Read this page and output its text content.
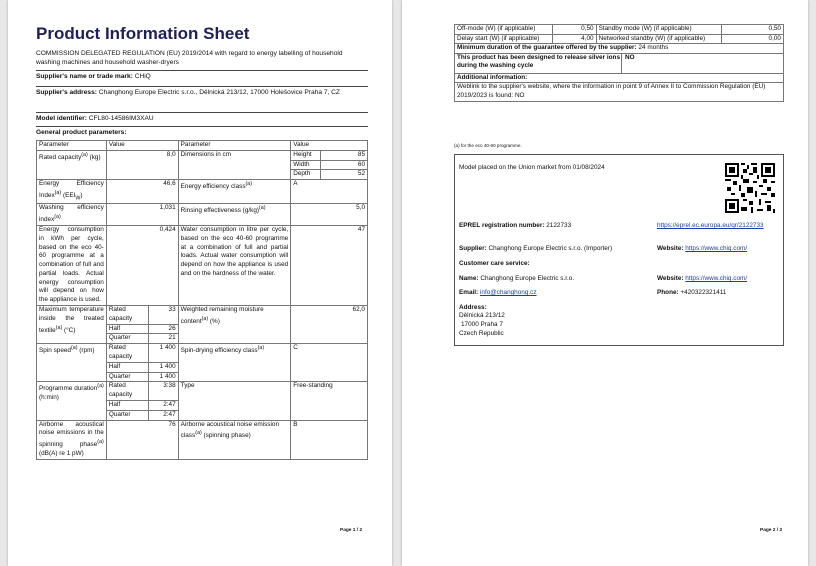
Product Information Sheet
COMMISSION DELEGATED REGULATION (EU) 2019/2014 with regard to energy labelling of household washing machines and household washer-dryers
Supplier's name or trade mark: CHiQ
Supplier's address: Changhong Europe Electric s.r.o., Dělnická 213/12, 17000 Holešovice Praha 7, CZ
Model identifier: CFL80-14586IM3XAU
General product parameters:
Parameter	Value		Parameter	Value	
Rated capacity$^{(a)}$ (kg)	8,0		Dimensions in cm	Height	85
				Width	60
				Depth	52
Energy Efficiency Index$^{(a)}$ $(EEI_W)$	46,6		Energy efficiency class$^{(a)}$	A	
Washing efficiency index$^{(a)}$	1,031		Rinsing effectiveness $(g/kg)^{(a)}$	5,0	
Energy consumption in kWh per cycle, based on the eco 40-60 programme at a combination of full and partial loads. Actual energy consumption will depend on how the appliance is used.	0,424		Water consumption in litre per cycle, based on the eco 40-60 programme at a combination of full and partial loads. Actual water consumption will depend on how the appliance is used and on the hardness of the water.	47	
Maximum temperature inside the treated textile$^{(a)}$ (°C)	Rated capacity	33	Weighted remaining moisture content$^{(a)}$ (%)	62,0	
	Half	26			
	Quarter	21			
Spin speed$^{(a)}$ (rpm)	Rated capacity	1 400	Spin-drying efficiency class$^{(a)}$	C	
	Half	1 400			
	Quarter	1 400			
Programme duration$^{(a)}$ (h:min)	Rated capacity	3:38	Type	Free-standing	
	Half	2:47			
	Quarter	2:47			
Airborne acoustical noise emissions in the spinning phase$^{(a)}$ (dB(A) re 1 pW)	76		Airborne acoustical noise emission class$^{(a)}$ (spinning phase)	B	
Page 1 / 2
Off-mode (W) (if applicable)	0,50	Standby mode (W) (if applicable)	0,50
Delay start (W) (if applicable)	4,00	Networked standby (W) (if applicable)	0,00
Minimum duration of the guarantee offered by the supplier: 24 months			

This product has been designed to release silver ions during the washing cycle
NO			

Additional information:			
Weblink to the supplier's website, where the information in point 9 of Annex II to Commission Regulation (EU) 2019/2023 is found: NO			
(a) for the eco 40-60 programme.
Model placed on the Union market from 01/08/2024
EPREL registration number: 2122733	https://eprel.ec.europa.eu/qr/2122733
Supplier: Changhong Europe Electric s.r.o. (Importer)	Website: https://www.chiq.com/
Customer care service:
Name: Changhong Europe Electric s.r.o.	Website: https://www.chiq.com/
Email: info@changhong.cz	Phone: +420322321411
Address:
Dělnická 213/12
17000 Praha 7
Czech Republic
Page 2 / 2
